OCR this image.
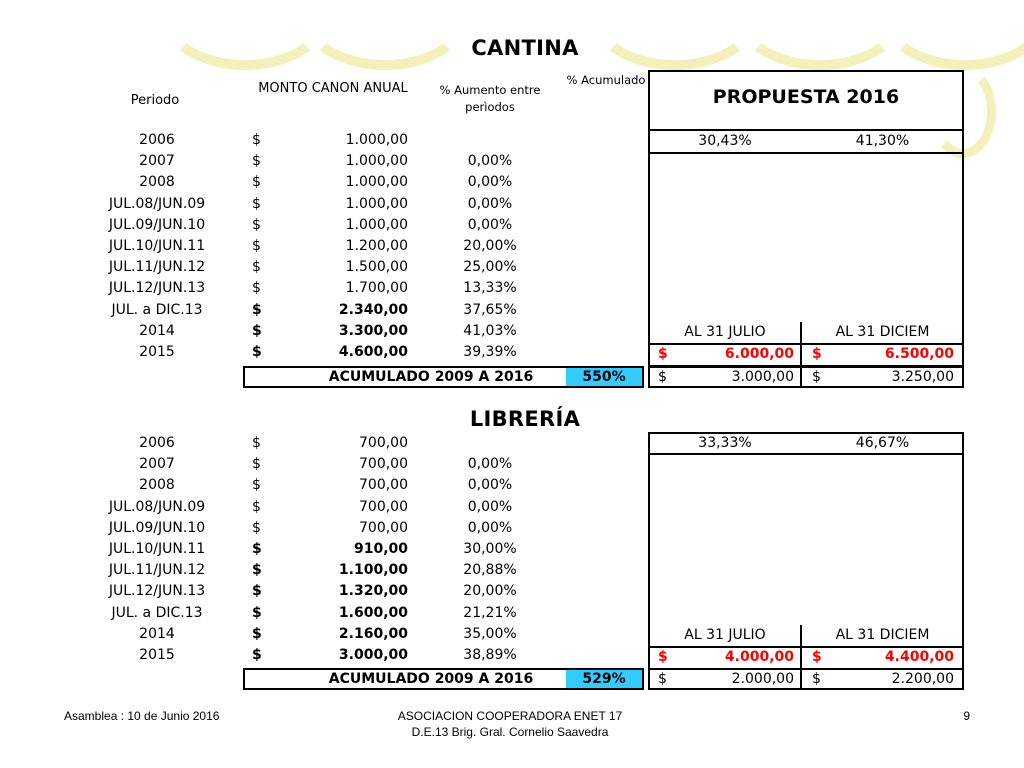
CANTINA
Periodo
MONTO CANON ANUAL	% Aumento entre perìodos
% Acumulado
PROPUESTA 2016
30,43%	41,30%
AL 31 JULIO	AL 31 DICIEM
$	6.000,00 $	6.500,00
2006	$	1.000,00
2007	$	1.000,00	0,00%
2008	$	1.000,00	0,00%
JUL.08/JUN.09	$	1.000,00	0,00%
JUL.09/JUN.10	$	1.000,00	0,00%
JUL.10/JUN.11	$	1.200,00	20,00%
JUL.11/JUN.12	$	1.500,00	25,00%
JUL.12/JUN.13	$	1.700,00	13,33%
JUL. a DIC.13	$	2.340,00	37,65%
2014	$	3.300,00	41,03%
2015	$	4.600,00	39,39%
ACUMULADO 2009 A 2016	550%	$	3.000,00 $	3.250,00
LIBRERÍA
33,33%	46,67%
AL 31 JULIO	AL 31 DICIEM
$	4.000,00 $	4.400,00
2006	$	700,00
2007	$	700,00	0,00%
2008	$	700,00	0,00%
JUL.08/JUN.09	$	700,00	0,00%
JUL.09/JUN.10	$	700,00	0,00%
JUL.10/JUN.11	$	910,00	30,00%
JUL.11/JUN.12	$	1.100,00	20,88%
JUL.12/JUN.13	$	1.320,00	20,00%
JUL. a DIC.13	$	1.600,00	21,21%
2014	$	2.160,00	35,00%
2015	$	3.000,00	38,89%
ACUMULADO 2009 A 2016	529%	$	2.000,00 $	2.200,00
Asamblea : 10 de Junio 2016	ASOCIACION COOPERADORA ENET 17
D.E.13 Brig. Gral. Cornelio Saavedra
9
